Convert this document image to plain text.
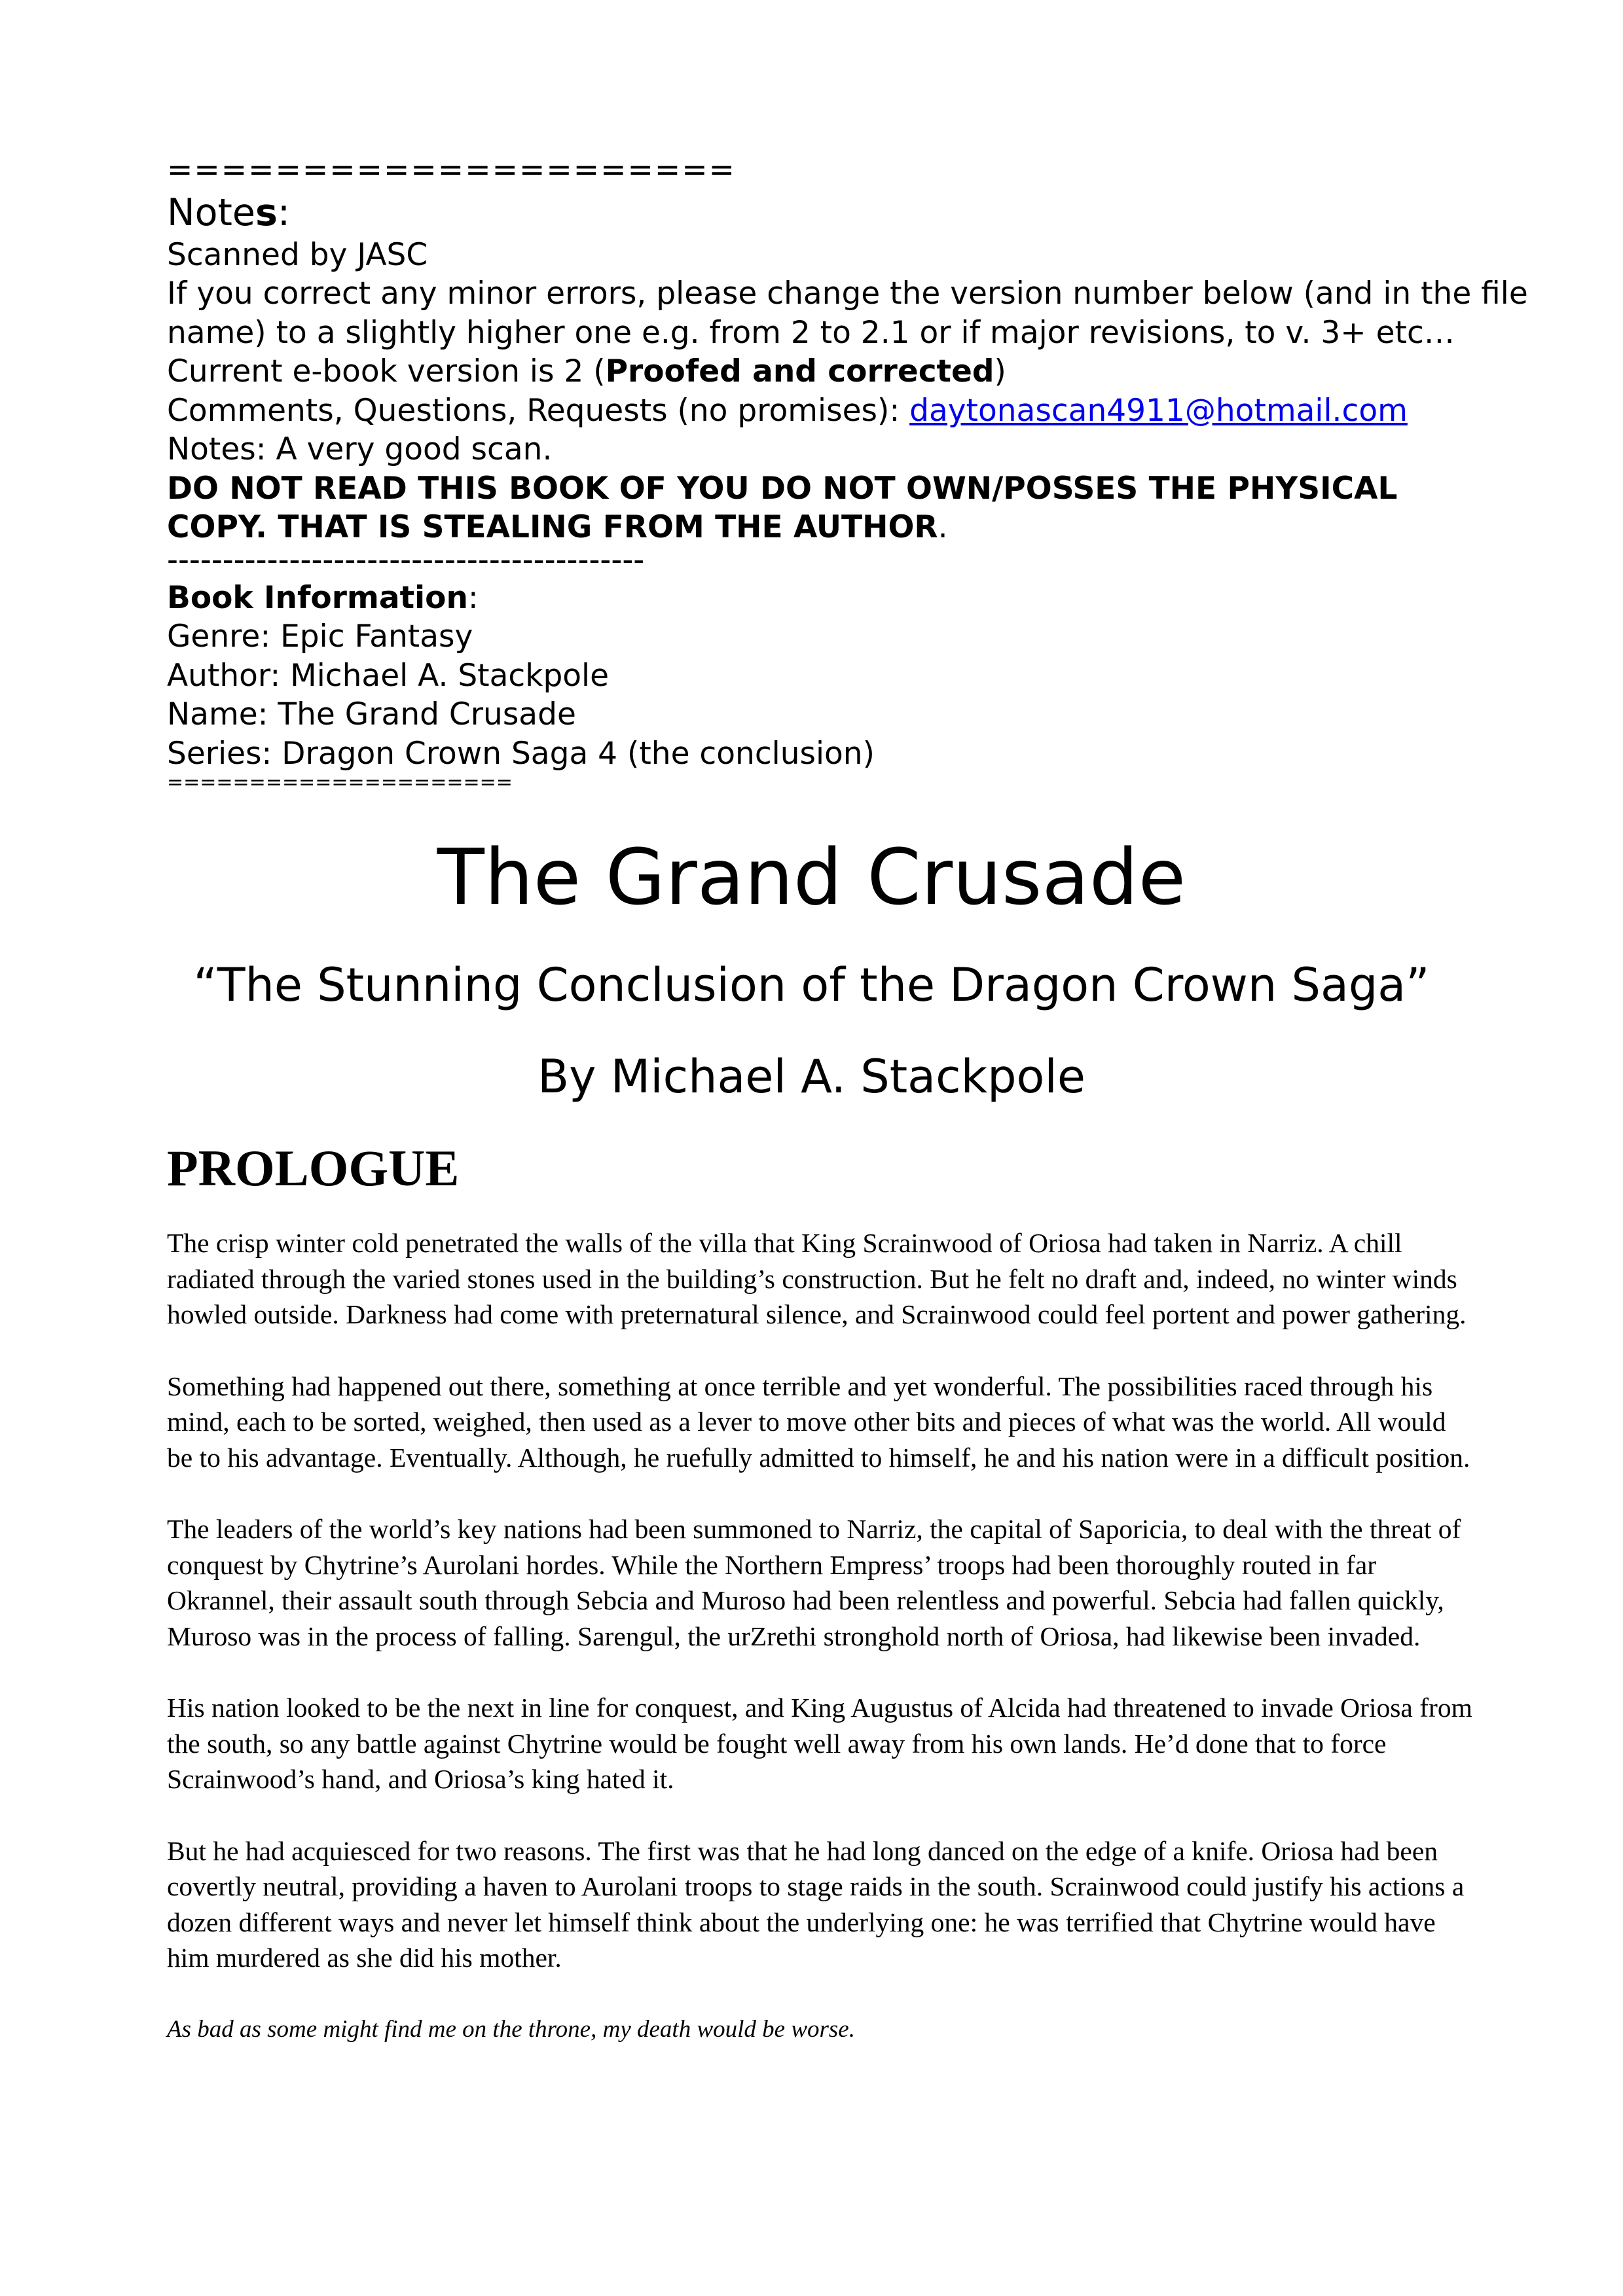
=====================
Notes:
Scanned by JASC
If you correct any minor errors, please change the version number below (and in the file
name) to a slightly higher one e.g. from 2 to 2.1 or if major revisions, to v. 3+ etc…
Current e-book version is 2 (Proofed and corrected)
Comments, Questions, Requests (no promises): daytonascan4911@hotmail.com
Notes: A very good scan.
DO NOT READ THIS BOOK OF YOU DO NOT OWN/POSSES THE PHYSICAL
COPY. THAT IS STEALING FROM THE AUTHOR.
-------------------------------------------
Book Information:
Genre: Epic Fantasy
Author: Michael A. Stackpole
Name: The Grand Crusade
Series: Dragon Crown Saga 4 (the conclusion)
=====================
The Grand Crusade
“The Stunning Conclusion of the Dragon Crown Saga”
By Michael A. Stackpole
PROLOGUE

The crisp winter cold penetrated the walls of the villa that King Scrainwood of Oriosa had taken in Narriz. A chill radiated through the varied stones used in the building’s construction. But he felt no draft and, indeed, no winter winds howled outside. Darkness had come with preternatural silence, and Scrainwood could feel portent and power gathering.

Something had happened out there, something at once terrible and yet wonderful. The possibilities raced through his mind, each to be sorted, weighed, then used as a lever to move other bits and pieces of what was the world. All would be to his advantage. Eventually. Although, he ruefully admitted to himself, he and his nation were in a difficult position.

The leaders of the world’s key nations had been summoned to Narriz, the capital of Saporicia, to deal with the threat of conquest by Chytrine’s Aurolani hordes. While the Northern Empress’ troops had been thoroughly routed in far Okrannel, their assault south through Sebcia and Muroso had been relentless and powerful. Sebcia had fallen quickly, Muroso was in the process of falling. Sarengul, the urZrethi stronghold north of Oriosa, had likewise been invaded.

His nation looked to be the next in line for conquest, and King Augustus of Alcida had threatened to invade Oriosa from the south, so any battle against Chytrine would be fought well away from his own lands. He’d done that to force Scrainwood’s hand, and Oriosa’s king hated it.

But he had acquiesced for two reasons. The first was that he had long danced on the edge of a knife. Oriosa had been covertly neutral, providing a haven to Aurolani troops to stage raids in the south. Scrainwood could justify his actions a dozen different ways and never let himself think about the underlying one: he was terrified that Chytrine would have him murdered as she did his mother.

As bad as some might find me on the throne, my death would be worse.
